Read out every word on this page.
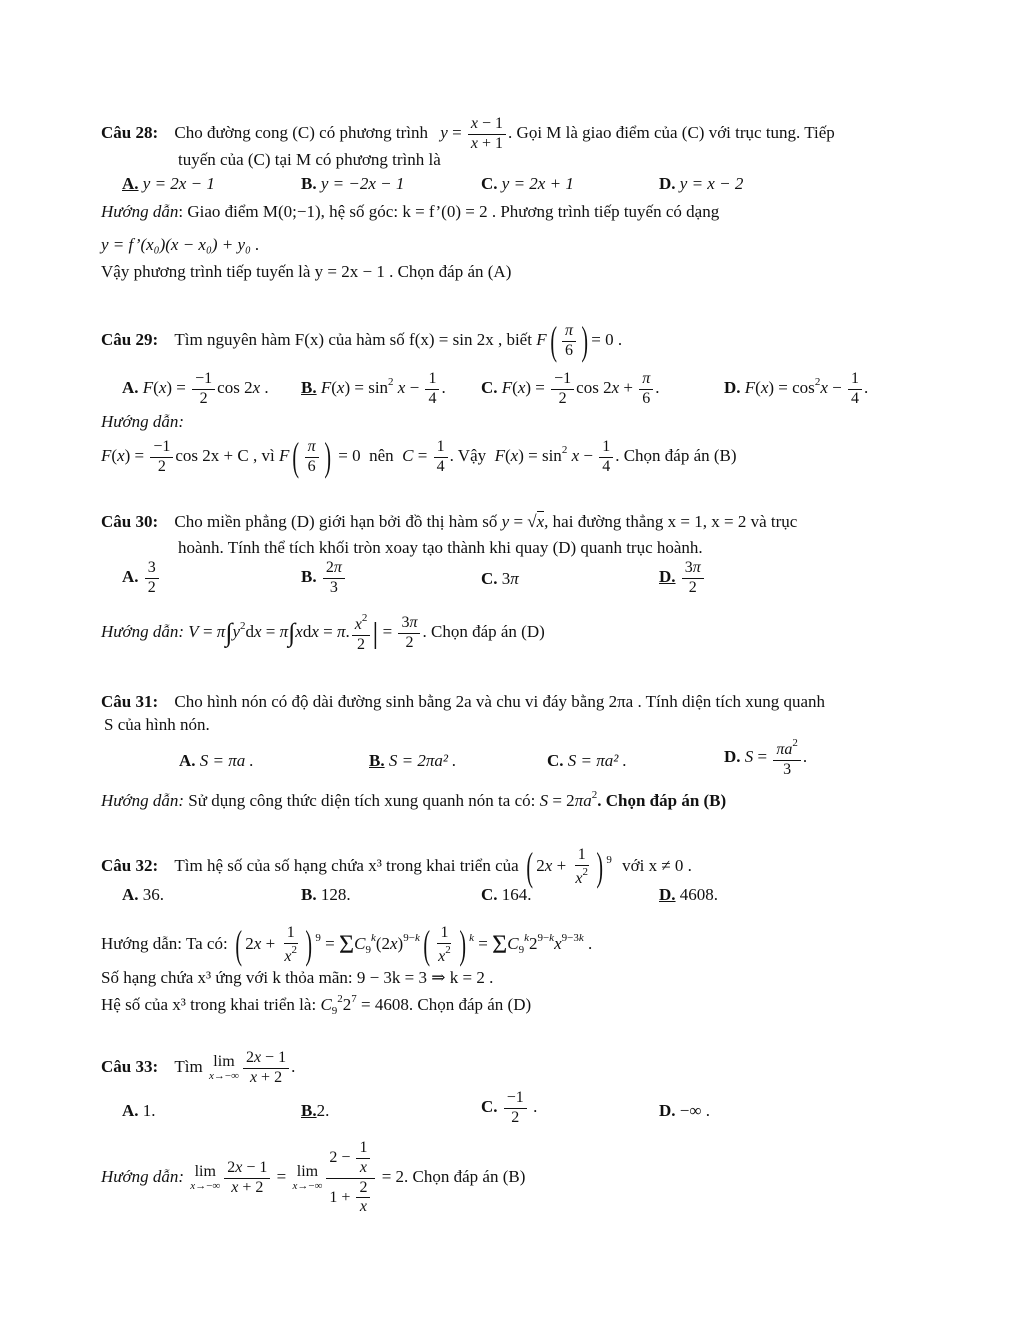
Câu 28: Cho đường cong (C) có phương trình $y = \frac{x - 1}{x + 1}$ . Gọi M là giao điểm của (C) với trục tung. Tiếp
tuyến của (C) tại M có phương trình là
A. y = 2x − 1	B. y = −2x − 1	C. y = 2x + 1	D. y = x − 2
Hướng dẫn: Giao điểm M(0;−1), hệ số góc: k = f’(0) = 2 . Phương trình tiếp tuyến có dạng
y = f’(x₀)(x − x₀) + y₀ .
Vậy phương trình tiếp tuyến là y = 2x − 1 . Chọn đáp án (A)
Câu 29: Tìm nguyên hàm F(x) của hàm số f(x) = sin 2x , biết $F( \frac{\pi}{6}$ ) = 0 .
A. $F(x) = \frac{-1}{2}$ cos 2x . B. $F(x) = \sin^2 x - \frac{1}{4}$ . C. $F(x) = \frac{-1}{2}$ $\cos 2x + \frac{\pi}{6}$ .	D. $F(x) = \cos^2x - \frac{1}{4}$ .
Hướng dẫn:
$F(x) = \frac{-1}{2}$ cos 2x + C , vì $F( \frac{\pi}{6}$ ) = 0  nên  $C = \frac{1}{4}$ . Vậy  $F(x) = \sin^2 x - \frac{1}{4}$ . Chọn đáp án (B)
Câu 30: Cho miền phẳng (D) giới hạn bởi đồ thị hàm số y = √x, hai đường thẳng x = 1, x = 2 và trục
hoành. Tính thể tích khối tròn xoay tạo thành khi quay (D) quanh trục hoành.
A. $\frac{3}{2}$	B. $\frac{2\pi}{3}$	C. 3π	D. $\frac{3\pi}{2}$
Hướng dẫn: $V = \pi\int y^2dx = \pi\int xdx = \pi$. $\frac{x^2}{2}$ | = $\frac{3\pi}{2}$ . Chọn đáp án (D)
Câu 31: Cho hình nón có độ dài đường sinh bằng 2a và chu vi đáy bằng 2πa . Tính diện tích xung quanh
S của hình nón.
A. S = πa .	B. S = 2πa² .	C. S = πa² .	D. $S = \frac{\pi a^2}{3}$ .
Hướng dẫn: Sử dụng công thức diện tích xung quanh nón ta có: $S = 2\pi a^2$. Chọn đáp án (B)
Câu 32: Tìm hệ số của số hạng chứa x³ trong khai triển của ( $2x + \frac{1}{x^2}$ ) $^9$ với x ≠ 0 .
A. 36.	B. 128.	C. 164.	D. 4608.
Hướng dẫn: Ta có: ( $2x + \frac{1}{x^2}$ ) $^9 = \Sigma C_9^k(2x)^{9-k}( \frac{1}{x^2}$ ) $^k = \Sigma C_9^k2^{9-k}x^{9-3k}$ .
Số hạng chứa x³ ứng với k thỏa mãn: 9 − 3k = 3 ⇒ k = 2 .
Hệ số của x³ trong khai triển là: $C_9^22^7 = 4608$. Chọn đáp án (D)
Câu 33: Tìm lim
$x\to-\infty \frac{2x - 1}{x + 2}$ .
A. 1.	B.2.	C. $\frac{-1}{2}$ .	D. −∞ .
Hướng dẫn: lim
$x\to-\infty \frac{2x - 1}{x + 2} = \lim$
$x\to-\infty \frac{2 - \frac{1}{x}}{1 + \frac{2}{x}} = 2$. Chọn đáp án (B)
